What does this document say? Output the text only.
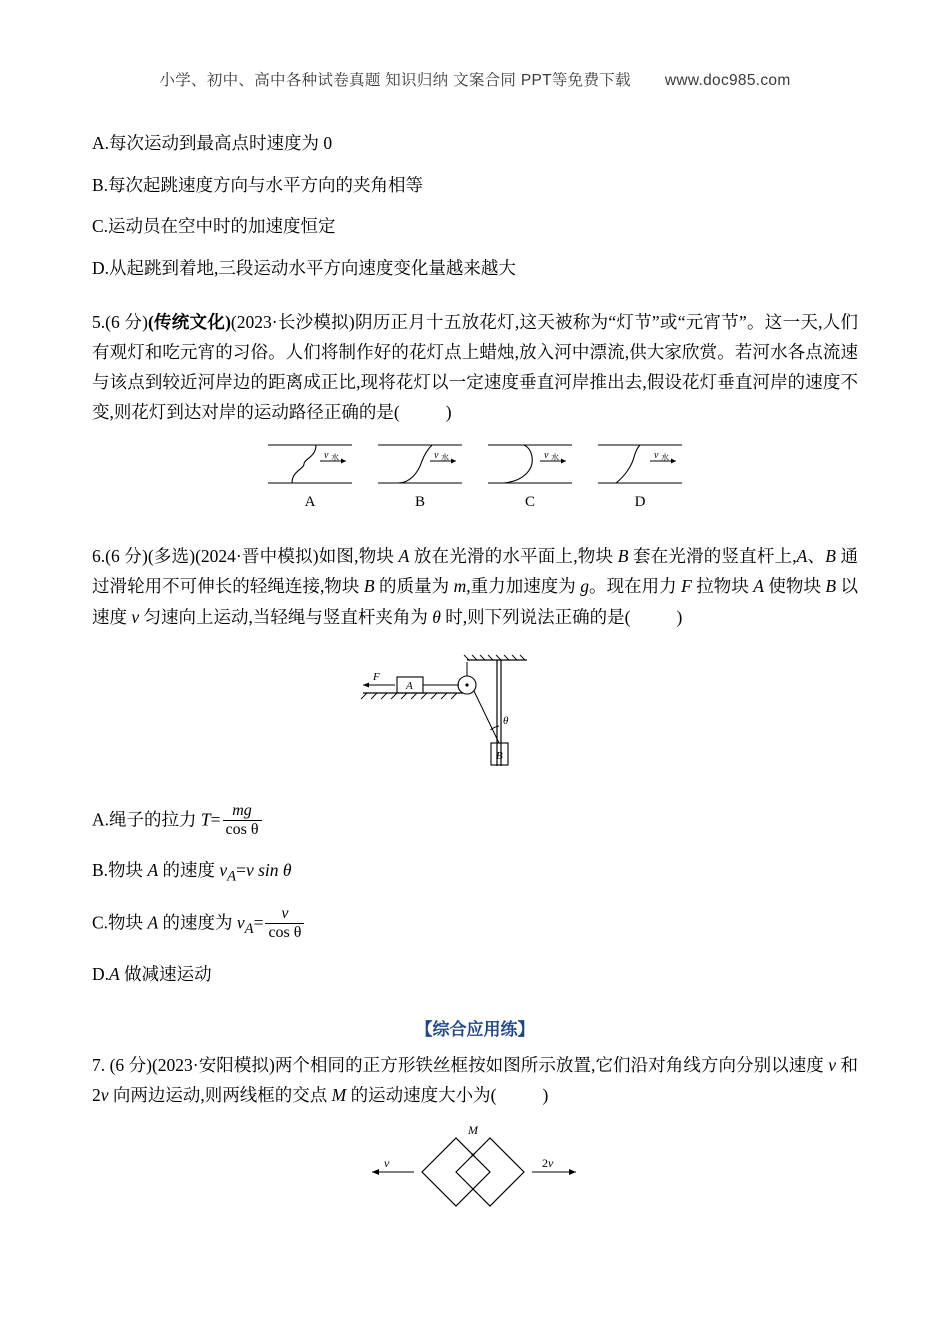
小学、初中、高中各种试卷真题 知识归纳 文案合同 PPT等免费下载 www.doc985.com
A.每次运动到最高点时速度为 0
B.每次起跳速度方向与水平方向的夹角相等
C.运动员在空中时的加速度恒定
D.从起跳到着地,三段运动水平方向速度变化量越来越大

5.(6 分)(传统文化)(2023·长沙模拟)阴历正月十五放花灯,这天被称为“灯节”或“元宵节”。这一天,人们有观灯和吃元宵的习俗。人们将制作好的花灯点上蜡烛,放入河中漂流,供大家欣赏。若河水各点流速与该点到较近河岸边的距离成正比,现将花灯以一定速度垂直河岸推出去,假设花灯垂直河岸的速度不变,则花灯到达对岸的运动路径正确的是(	)

v 水
A
v 水
B
v 水
C
v 水
D

6.(6 分)(多选)(2024·晋中模拟)如图,物块 A 放在光滑的水平面上,物块 B 套在光滑的竖直杆上,A、B 通过滑轮用不可伸长的轻绳连接,物块 B 的质量为 m,重力加速度为 g。现在用力 F 拉物块 A 使物块 B 以速度 v 匀速向上运动,当轻绳与竖直杆夹角为 θ 时,则下列说法正确的是(	)

A
F
θ
B

A.绳子的拉力 $T= \frac{mg}{\text{cos θ}}$

B.物块 A 的速度 $v_A=v$ sin θ

C.物块 A 的速度为 $v_A= \frac{v}{\text{cos θ}}$

D.A 做减速运动

【综合应用练】

7. (6 分)(2023·安阳模拟)两个相同的正方形铁丝框按如图所示放置,它们沿对角线方向分别以速度 v 和 2v 向两边运动,则两线框的交点 M 的运动速度大小为(	)

M
v	2v
